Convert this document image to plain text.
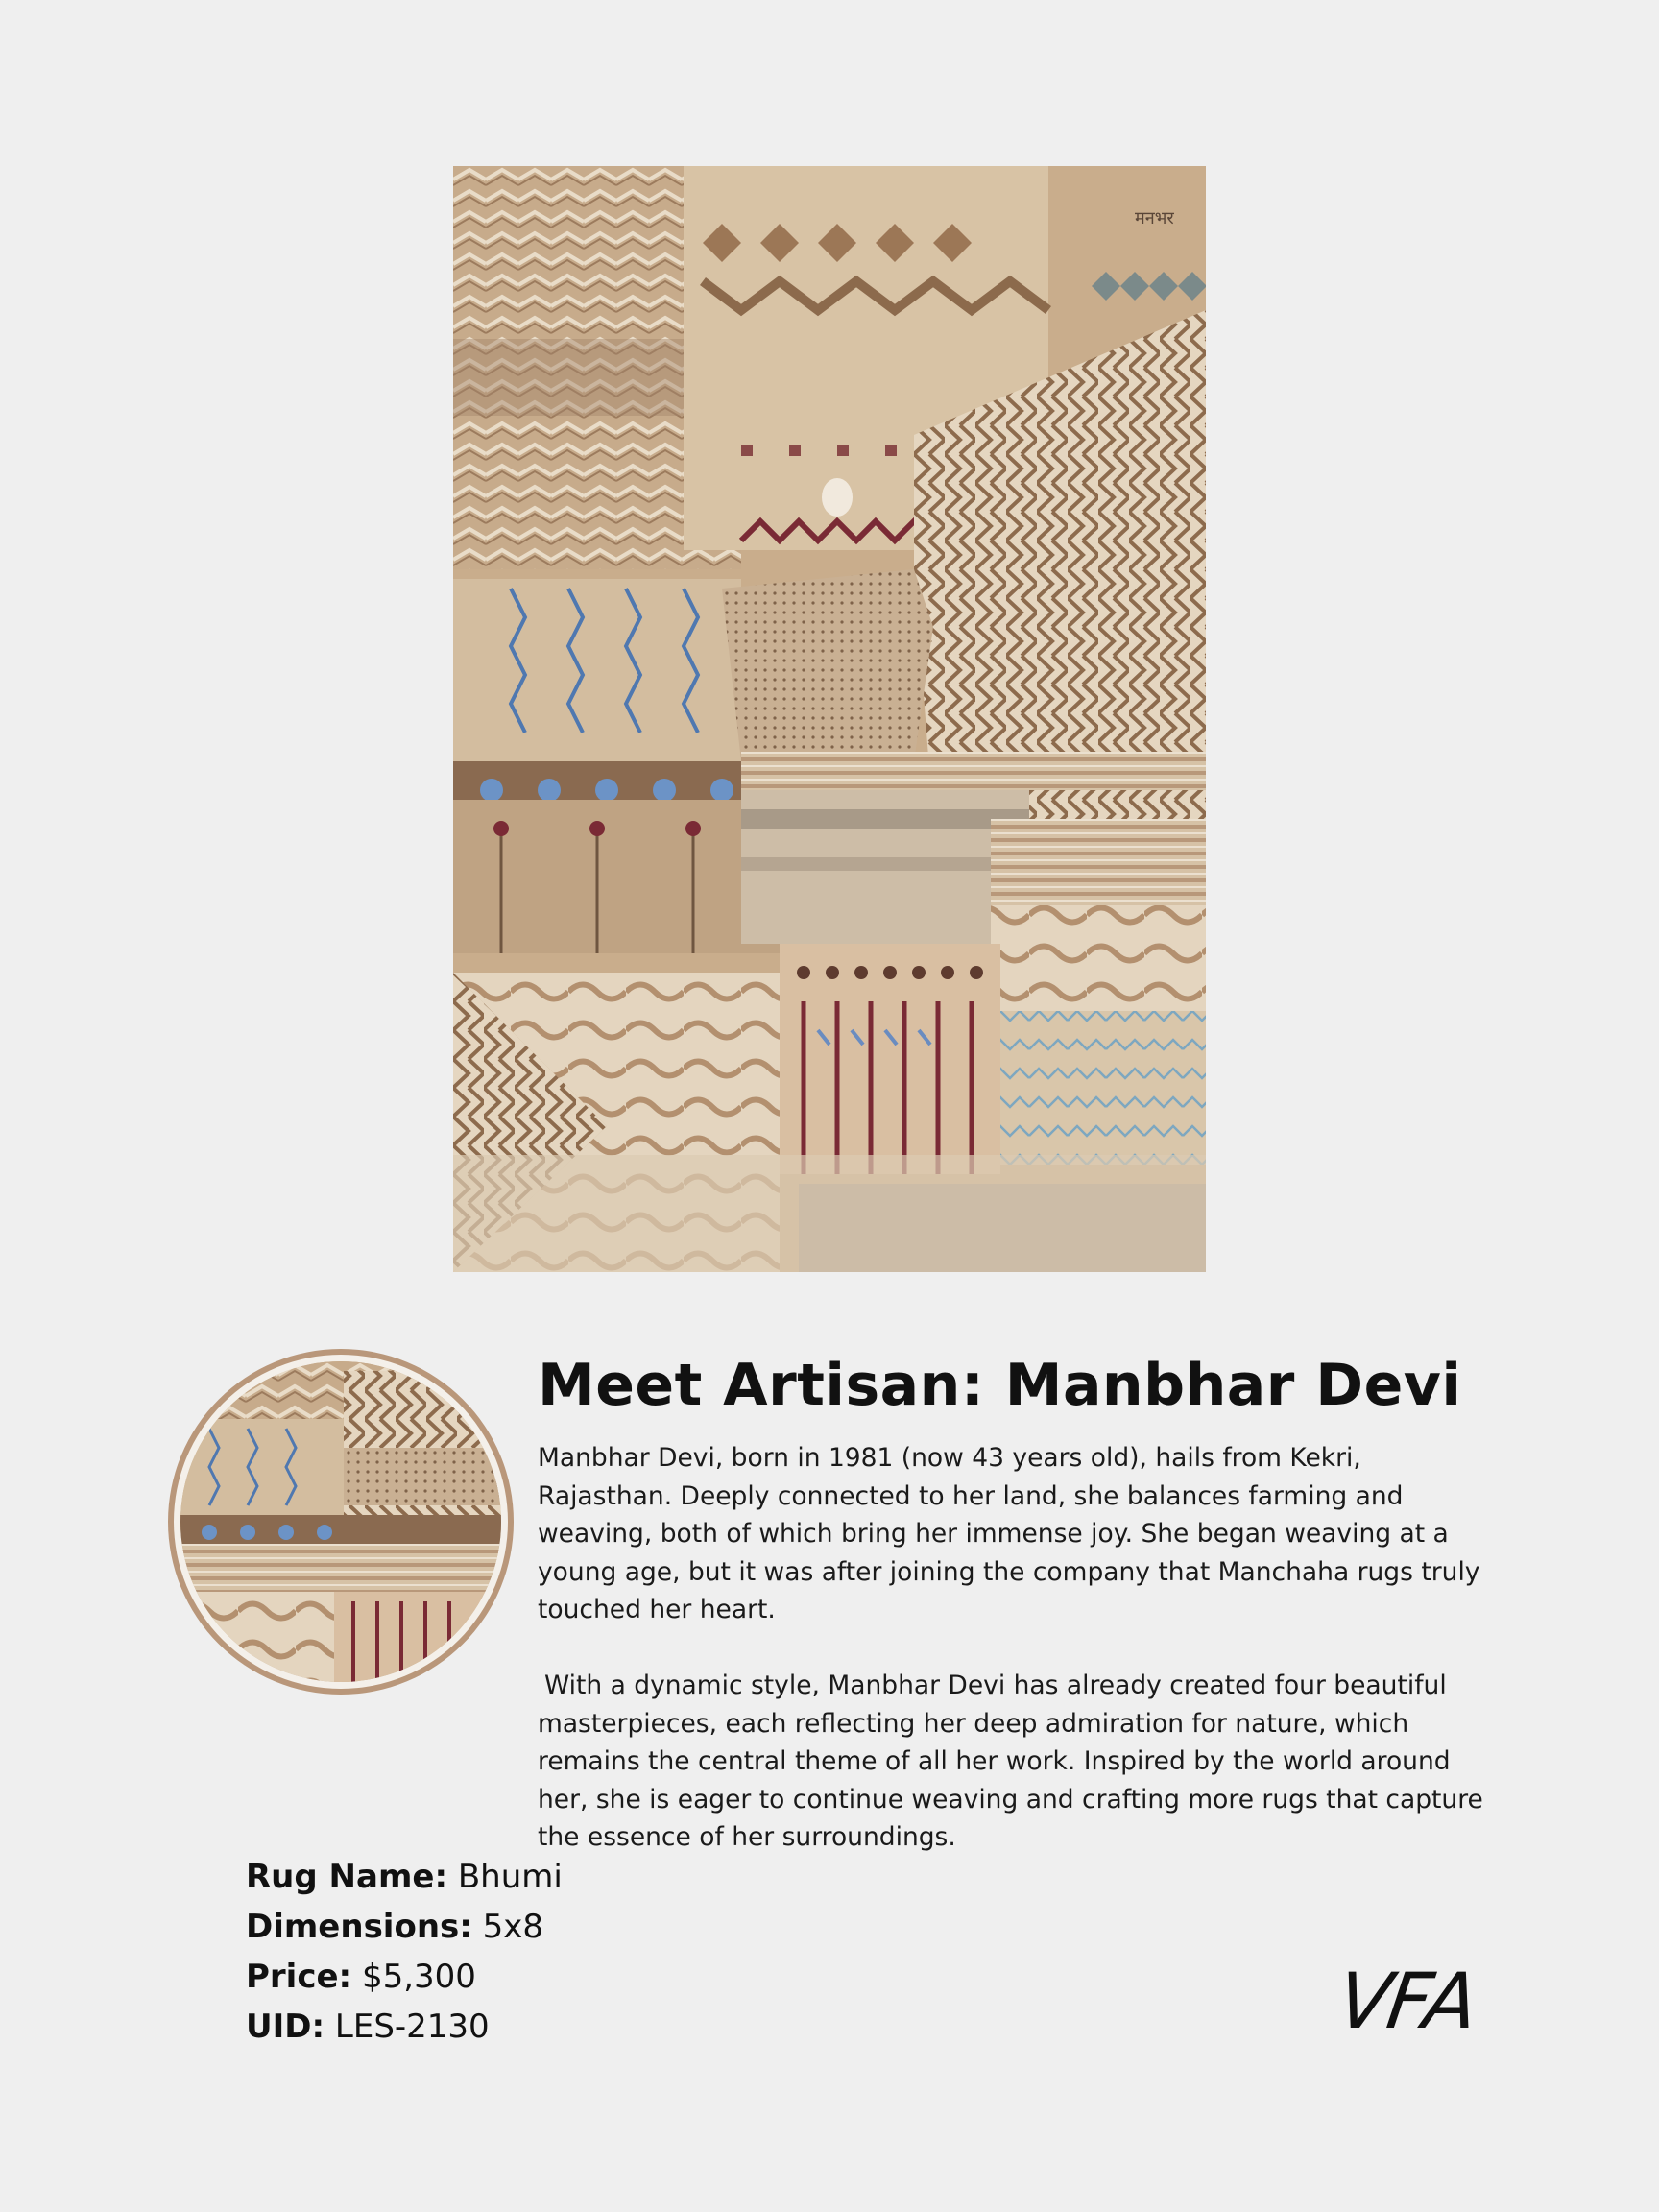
मनभर
Meet Artisan: Manbhar Devi

Manbhar Devi, born in 1981 (now 43 years old), hails from Kekri, Rajasthan. Deeply connected to her land, she balances farming and weaving, both of which bring her immense joy. She began weaving at a young age, but it was after joining the company that Manchaha rugs truly touched her heart.

With a dynamic style, Manbhar Devi has already created four beautiful masterpieces, each reflecting her deep admiration for nature, which remains the central theme of all her work. Inspired by the world around her, she is eager to continue weaving and crafting more rugs that capture the essence of her surroundings.

Rug Name: Bhumi
Dimensions: 5x8
Price: $5,300
UID: LES-2130	VFA
